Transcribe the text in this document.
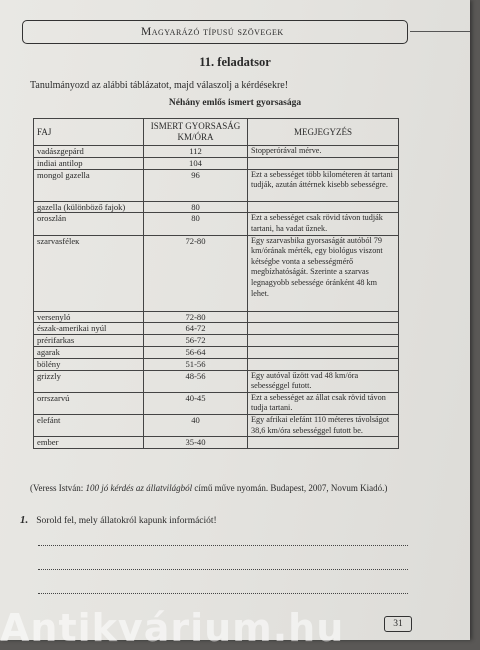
Magyarázó típusú szövegek
11. feladatsor
Tanulmányozd az alábbi táblázatot, majd válaszolj a kérdésekre!
Néhány emlős ismert gyorsasága
FAJ	ISMERT GYORSASÁG KM/ÓRA	MEGJEGYZÉS
vadászgepárd	112	Stopperórával mérve.
indiai antilop	104	
mongol gazella	96	Ezt a sebességet több kilométeren át tartani tudják, azután áttérnek kisebb sebességre.
gazella (különböző fajok)	80	
oroszlán	80	Ezt a sebességet csak rövid távon tudják tartani, ha vadat űznek.
szarvasféleк	72-80	Egy szarvasbika gyorsaságát autóból 79 km/órának mérték, egy biológus viszont kétségbe vonta a sebességmérő megbízhatóságát. Szerinte a szarvas legnagyobb sebessége óránként 48 km lehet.
versenyló	72-80	
észak-amerikai nyúl	64-72	
prérifarkas	56-72	
agarak	56-64	
bölény	51-56	
grizzly	48-56	Egy autóval űzött vad 48 km/óra sebességgel futott.
orrszarvú	40-45	Ezt a sebességet az állat csak rövid távon tudja tartani.
elefánt	40	Egy afrikai elefánt 110 méteres távolságot 38,6 km/óra sebességgel futott be.
ember	35-40	
(Veress István: 100 jó kérdés az állatvilágból című műve nyomán. Budapest, 2007, Novum Kiadó.)
1. Sorold fel, mely állatokról kapunk információt!
31
Antikvárium.hu
